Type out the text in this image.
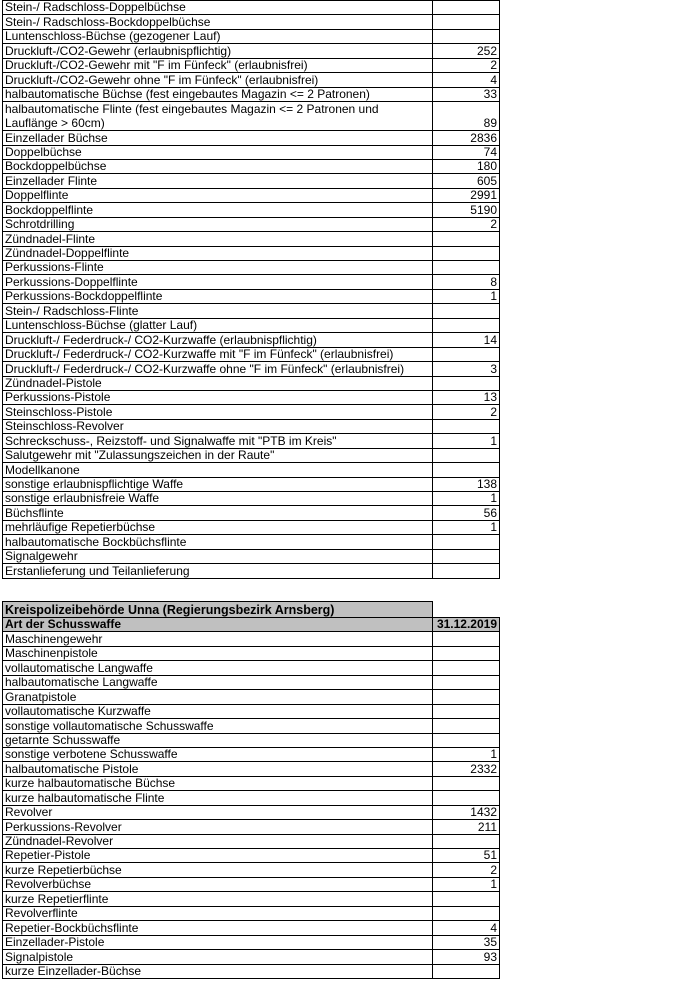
Stein-/ Radschloss-Doppelbüchse	
Stein-/ Radschloss-Bockdoppelbüchse	
Luntenschloss-Büchse (gezogener Lauf)	
Druckluft-/CO2-Gewehr (erlaubnispflichtig)	252
Druckluft-/CO2-Gewehr mit "F im Fünfeck" (erlaubnisfrei)	2
Druckluft-/CO2-Gewehr ohne "F im Fünfeck" (erlaubnisfrei)	4
halbautomatische Büchse (fest eingebautes Magazin <= 2 Patronen)	33
halbautomatische Flinte (fest eingebautes Magazin <= 2 Patronen und Lauflänge > 60cm)	89
Einzellader Büchse	2836
Doppelbüchse	74
Bockdoppelbüchse	180
Einzellader Flinte	605
Doppelflinte	2991
Bockdoppelflinte	5190
Schrotdrilling	2
Zündnadel-Flinte	
Zündnadel-Doppelflinte	
Perkussions-Flinte	
Perkussions-Doppelflinte	8
Perkussions-Bockdoppelflinte	1
Stein-/ Radschloss-Flinte	
Luntenschloss-Büchse (glatter Lauf)	
Druckluft-/ Federdruck-/ CO2-Kurzwaffe (erlaubnispflichtig)	14
Druckluft-/ Federdruck-/ CO2-Kurzwaffe mit "F im Fünfeck" (erlaubnisfrei)	
Druckluft-/ Federdruck-/ CO2-Kurzwaffe ohne "F im Fünfeck" (erlaubnisfrei)	3
Zündnadel-Pistole	
Perkussions-Pistole	13
Steinschloss-Pistole	2
Steinschloss-Revolver	
Schreckschuss-, Reizstoff- und Signalwaffe mit "PTB im Kreis"	1
Salutgewehr mit "Zulassungszeichen in der Raute"	
Modellkanone	
sonstige erlaubnispflichtige Waffe	138
sonstige erlaubnisfreie Waffe	1
Büchsflinte	56
mehrläufige Repetierbüchse	1
halbautomatische Bockbüchsflinte	
Signalgewehr	
Erstanlieferung und Teilanlieferung	
Kreispolizeibehörde Unna (Regierungsbezirk Arnsberg)	
Art der Schusswaffe	31.12.2019
Maschinengewehr	
Maschinenpistole	
vollautomatische Langwaffe	
halbautomatische Langwaffe	
Granatpistole	
vollautomatische Kurzwaffe	
sonstige vollautomatische Schusswaffe	
getarnte Schusswaffe	
sonstige verbotene Schusswaffe	1
halbautomatische Pistole	2332
kurze halbautomatische Büchse	
kurze halbautomatische Flinte	
Revolver	1432
Perkussions-Revolver	211
Zündnadel-Revolver	
Repetier-Pistole	51
kurze Repetierbüchse	2
Revolverbüchse	1
kurze Repetierflinte	
Revolverflinte	
Repetier-Bockbüchsflinte	4
Einzellader-Pistole	35
Signalpistole	93
kurze Einzellader-Büchse	
